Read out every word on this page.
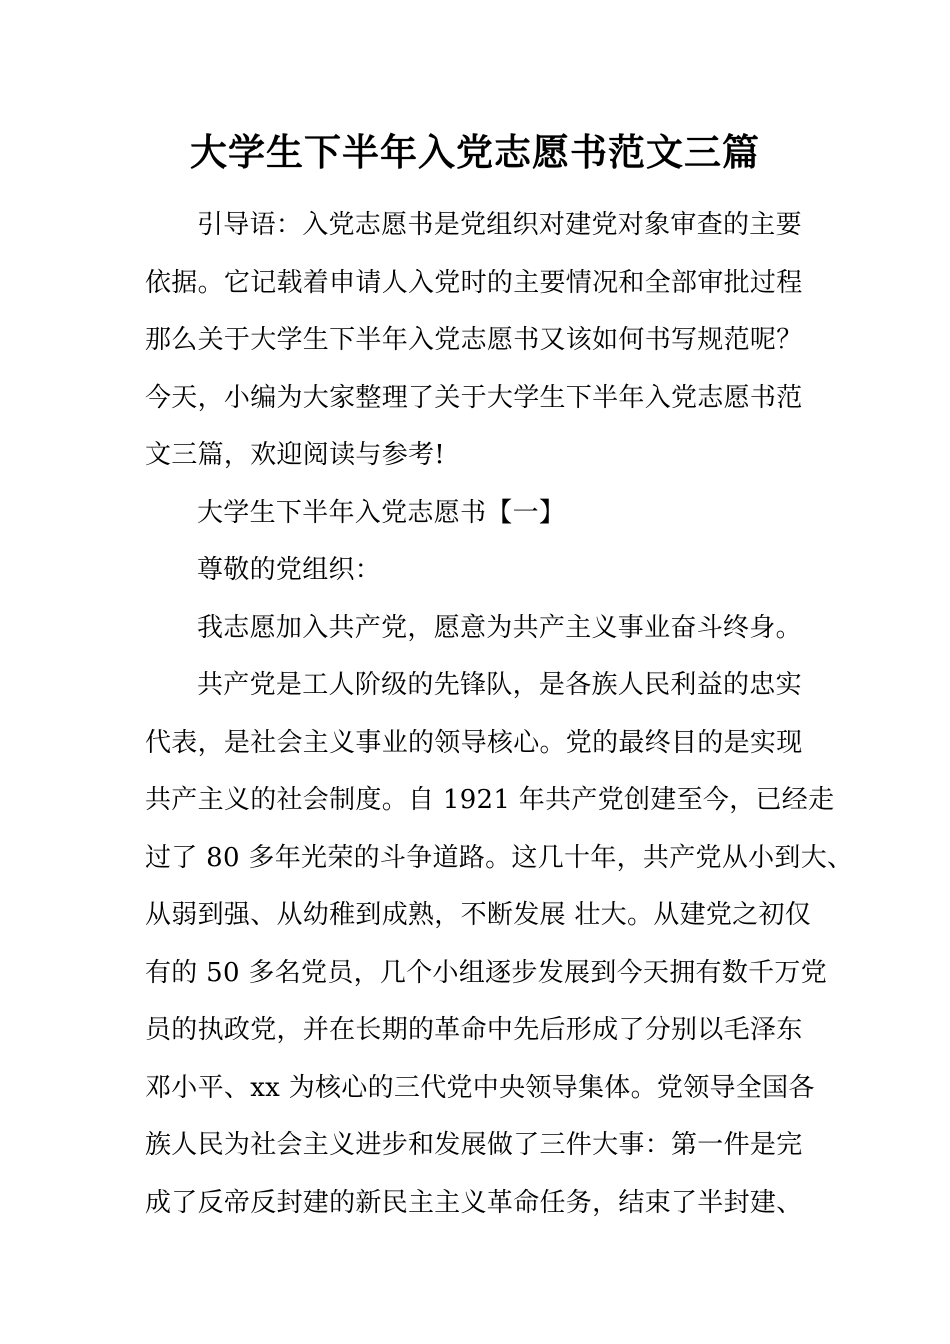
大学生下半年入党志愿书范文三篇
引导语：入党志愿书是党组织对建党对象审查的主要
依据。它记载着申请人入党时的主要情况和全部审批过程
那么关于大学生下半年入党志愿书又该如何书写规范呢？
今天，小编为大家整理了关于大学生下半年入党志愿书范
文三篇，欢迎阅读与参考!
大学生下半年入党志愿书【一】
尊敬的党组织：
我志愿加入共产党，愿意为共产主义事业奋斗终身。
共产党是工人阶级的先锋队，是各族人民利益的忠实
代表，是社会主义事业的领导核心。党的最终目的是实现
共产主义的社会制度。自 1921 年共产党创建至今，已经走
过了 80 多年光荣的斗争道路。这几十年，共产党从小到大、
从弱到强、从幼稚到成熟，不断发展 壮大。从建党之初仅
有的 50 多名党员，几个小组逐步发展到今天拥有数千万党
员的执政党，并在长期的革命中先后形成了分别以毛泽东
邓小平、xx 为核心的三代党中央领导集体。党领导全国各
族人民为社会主义进步和发展做了三件大事：第一件是完
成了反帝反封建的新民主主义革命任务，结束了半封建、
